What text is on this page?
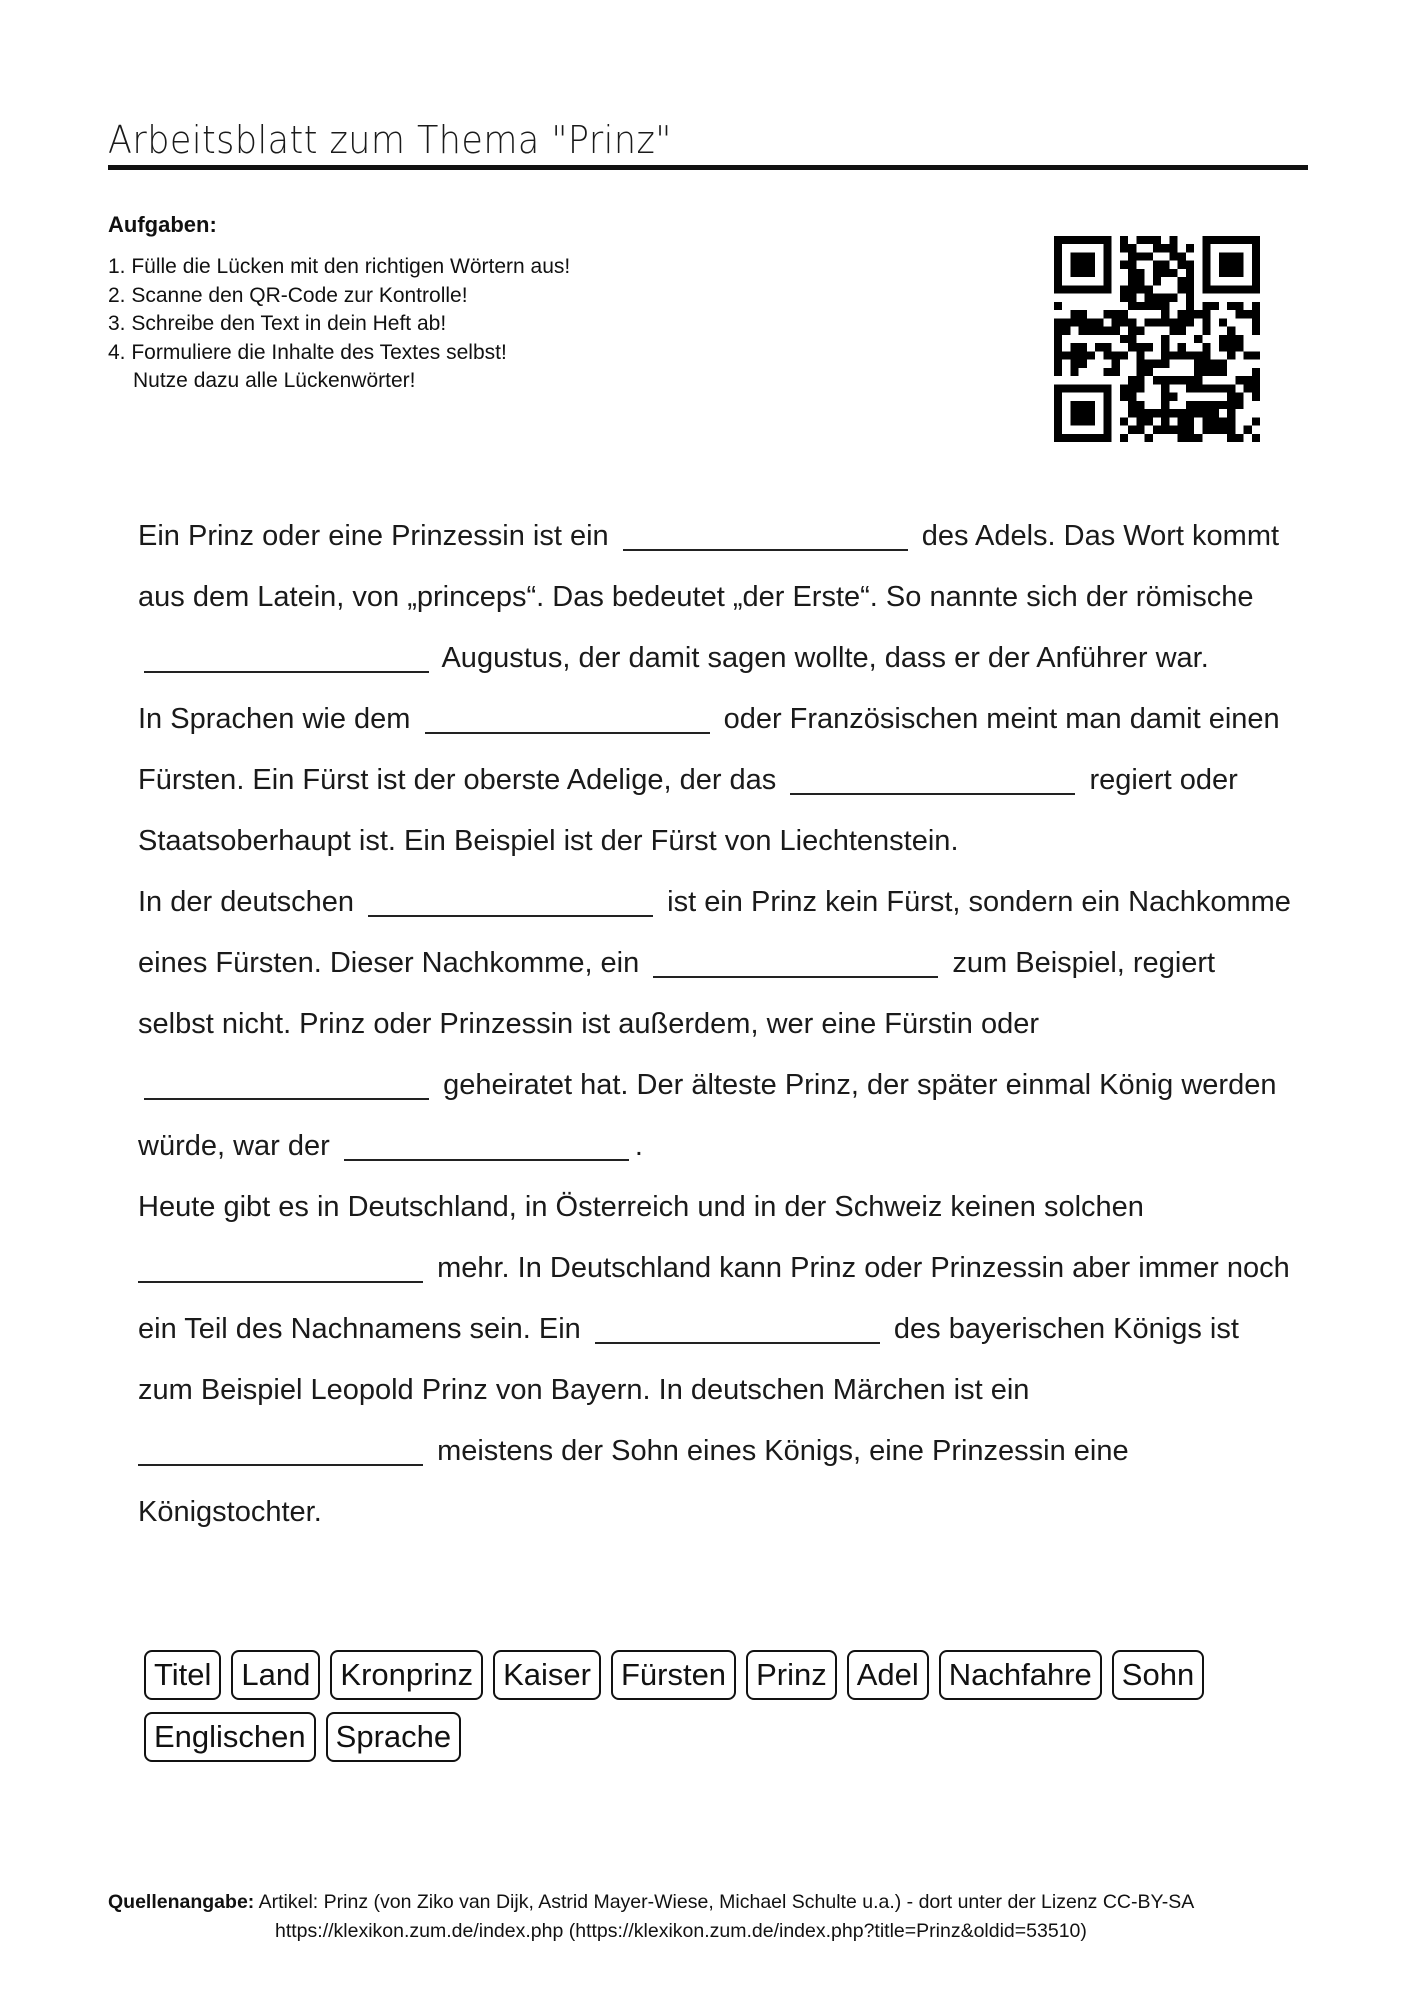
Arbeitsblatt zum Thema "Prinz"
Aufgaben:
1. Fülle die Lücken mit den richtigen Wörtern aus!
2. Scanne den QR-Code zur Kontrolle!
3. Schreibe den Text in dein Heft ab!
4. Formuliere die Inhalte des Textes selbst!
Nutze dazu alle Lückenwörter!

Ein Prinz oder eine Prinzessin ist ein	des Adels. Das Wort kommt aus dem Latein, von „princeps“. Das bedeutet „der Erste“. So nannte sich der römische  Augustus, der damit sagen wollte, dass er der Anführer war.

In Sprachen wie dem	oder Französischen meint man damit einen Fürsten. Ein Fürst ist der oberste Adelige, der das	regiert oder Staatsoberhaupt ist. Ein Beispiel ist der Fürst von Liechtenstein.

In der deutschen	ist ein Prinz kein Fürst, sondern ein Nachkomme eines Fürsten. Dieser Nachkomme, ein	zum Beispiel, regiert selbst nicht. Prinz oder Prinzessin ist außerdem, wer eine Fürstin oder  geheiratet hat. Der älteste Prinz, der später einmal König werden würde, war der	.

Heute gibt es in Deutschland, in Österreich und in der Schweiz keinen solchen  mehr. In Deutschland kann Prinz oder Prinzessin aber immer noch ein Teil des Nachnamens sein. Ein	des bayerischen Königs ist zum Beispiel Leopold Prinz von Bayern. In deutschen Märchen ist ein  meistens der Sohn eines Königs, eine Prinzessin eine Königstochter.

Titel Land Kronprinz Kaiser Fürsten Prinz Adel Nachfahre Sohn
Englischen Sprache
Quellenangabe: Artikel: Prinz (von Ziko van Dijk, Astrid Mayer-Wiese, Michael Schulte u.a.) - dort unter der Lizenz CC-BY-SA
https://klexikon.zum.de/index.php (https://klexikon.zum.de/index.php?title=Prinz&oldid=53510)
